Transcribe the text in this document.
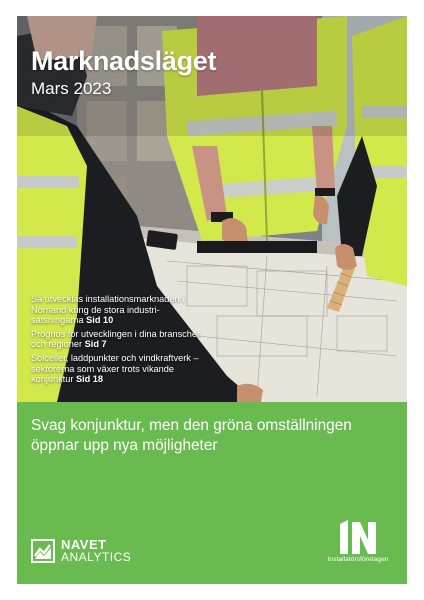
Marknadsläget
Mars 2023
Så utvecklas installationsmarknaden i Norrland kring de stora industrisatsningarna Sid 10
Prognos för utvecklingen i dina branscher och regioner Sid 7
Solceller, laddpunkter och vindkraftverk – sektorerna som växer trots vikande konjunktur Sid 18
Svag konjunktur, men den gröna omställningen öppnar upp nya möjligheter
NAVET
ANALYTICS	Installatörsföretagen
